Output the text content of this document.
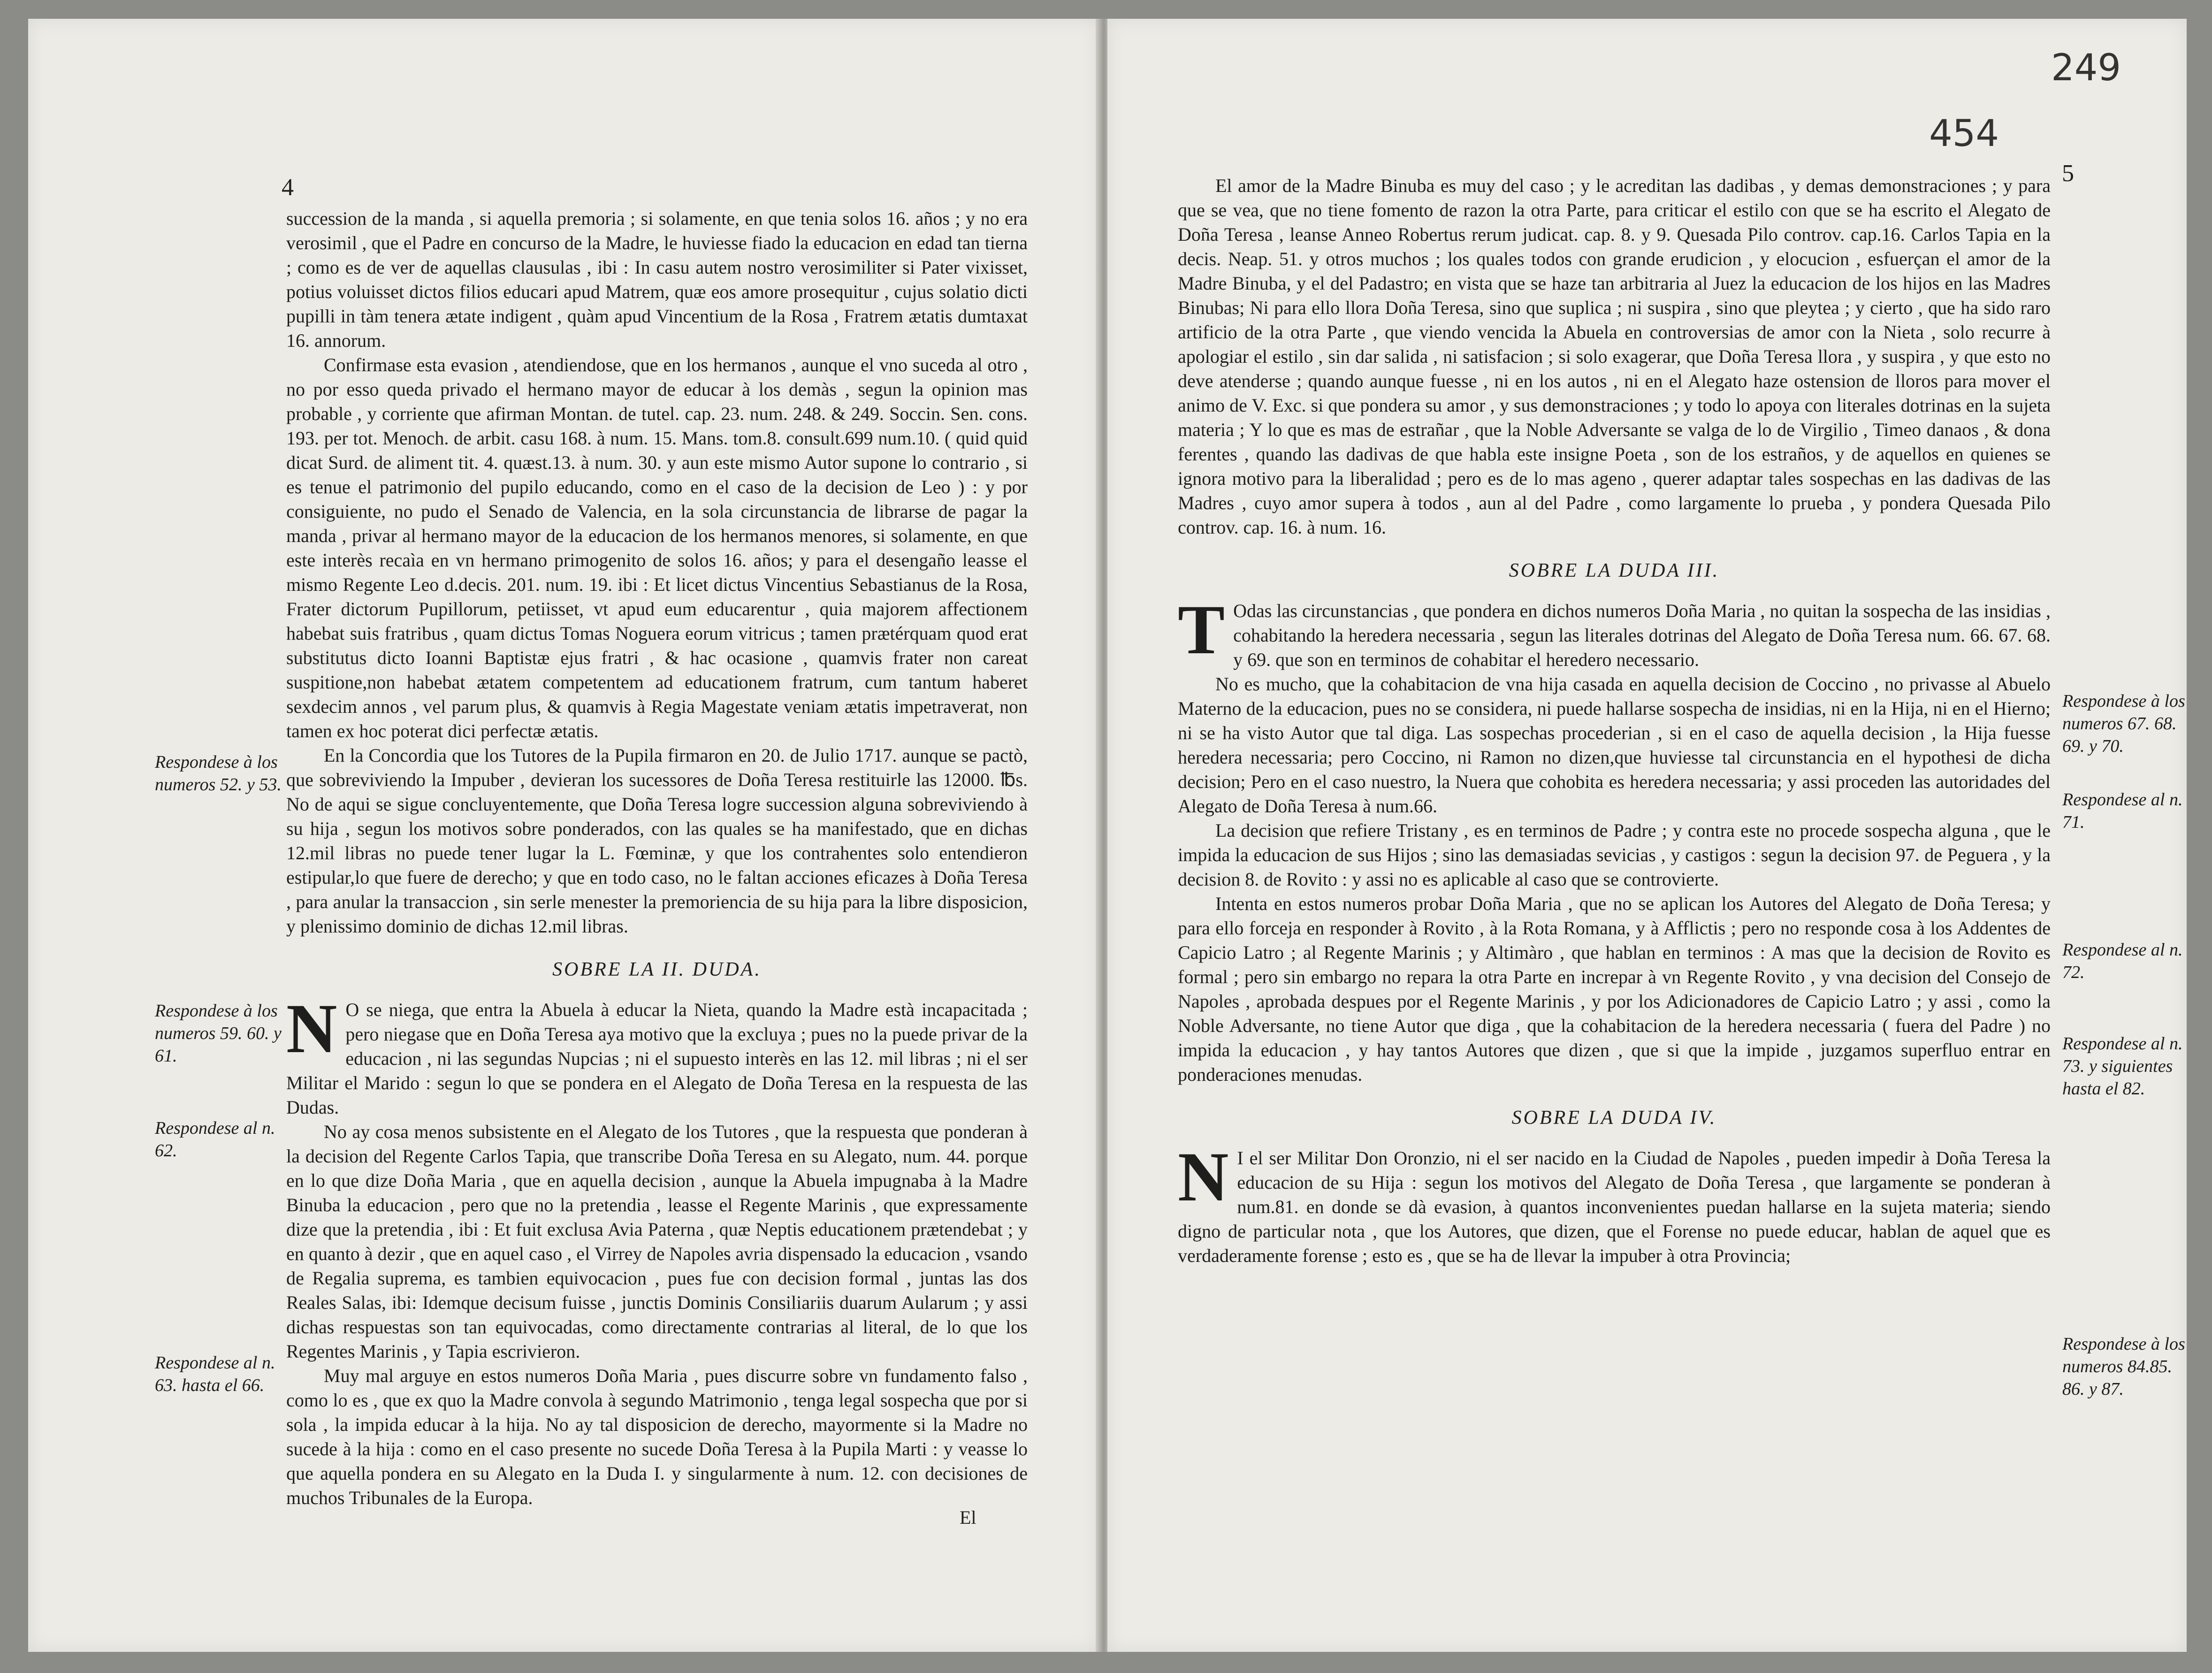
4

succession de la manda , si aquella premoria ; si solamente, en que tenia solos 16. años ; y no era verosimil , que el Padre en concurso de la Madre, le huviesse fiado la educacion en edad tan tierna ; como es de ver de aquellas clausulas , ibi : In casu autem nostro verosimiliter si Pater vixisset, potius voluisset dictos filios educari apud Matrem, quæ eos amore prosequitur , cujus solatio dicti pupilli in tàm tenera ætate indigent , quàm apud Vincentium de la Rosa , Fratrem ætatis dumtaxat 16. annorum.

Confirmase esta evasion , atendiendose, que en los hermanos , aunque el vno suceda al otro , no por esso queda privado el hermano mayor de educar à los demàs , segun la opinion mas probable , y corriente que afirman Montan. de tutel. cap. 23. num. 248. & 249. Soccin. Sen. cons. 193. per tot. Menoch. de arbit. casu 168. à num. 15. Mans. tom.8. consult.699 num.10. ( quid quid dicat Surd. de aliment tit. 4. quæst.13. à num. 30. y aun este mismo Autor supone lo contrario , si es tenue el patrimonio del pupilo educando, como en el caso de la decision de Leo ) : y por consiguiente, no pudo el Senado de Valencia, en la sola circunstancia de librarse de pagar la manda , privar al hermano mayor de la educacion de los hermanos menores, si solamente, en que este interès recaìa en vn hermano primogenito de solos 16. años; y para el desengaño leasse el mismo Regente Leo d.decis. 201. num. 19. ibi : Et licet dictus Vincentius Sebastianus de la Rosa, Frater dictorum Pupillorum, petiisset, vt apud eum educarentur , quia majorem affectionem habebat suis fratribus , quam dictus Tomas Noguera eorum vitricus ; tamen prætérquam quod erat substitutus dicto Ioanni Baptistæ ejus fratri , & hac ocasione , quamvis frater non careat suspitione,non habebat ætatem competentem ad educationem fratrum, cum tantum haberet sexdecim annos , vel parum plus, & quamvis à Regia Magestate veniam ætatis impetraverat, non tamen ex hoc poterat dici perfectæ ætatis.

En la Concordia que los Tutores de la Pupila firmaron en 20. de Julio 1717. aunque se pactò, que sobreviviendo la Impuber , devieran los sucessores de Doña Teresa restituirle las 12000. ℔s. No de aqui se sigue concluyentemente, que Doña Teresa logre succession alguna sobreviviendo à su hija , segun los motivos sobre ponderados, con las quales se ha manifestado, que en dichas 12.mil libras no puede tener lugar la L. Fœminæ, y que los contrahentes solo entendieron estipular,lo que fuere de derecho; y que en todo caso, no le faltan acciones eficazes à Doña Teresa , para anular la transaccion , sin serle menester la premoriencia de su hija para la libre disposicion, y plenissimo dominio de dichas 12.mil libras.

SOBRE LA II. DUDA.

N O se niega, que entra la Abuela à educar la Nieta, quando la Madre està incapacitada ; pero niegase que en Doña Teresa aya motivo que la excluya ; pues no la puede privar de la educacion , ni las segundas Nupcias ; ni el supuesto interès en las 12. mil libras ; ni el ser Militar el Marido : segun lo que se pondera en el Alegato de Doña Teresa en la respuesta de las Dudas.

No ay cosa menos subsistente en el Alegato de los Tutores , que la respuesta que ponderan à la decision del Regente Carlos Tapia, que transcribe Doña Teresa en su Alegato, num. 44. porque en lo que dize Doña Maria , que en aquella decision , aunque la Abuela impugnaba à la Madre Binuba la educacion , pero que no la pretendia , leasse el Regente Marinis , que expressamente dize que la pretendia , ibi : Et fuit exclusa Avia Paterna , quæ Neptis educationem prætendebat ; y en quanto à dezir , que en aquel caso , el Virrey de Napoles avria dispensado la educacion , vsando de Regalia suprema, es tambien equivocacion , pues fue con decision formal , juntas las dos Reales Salas, ibi: Idemque decisum fuisse , junctis Dominis Consiliariis duarum Aularum ; y assi dichas respuestas son tan equivocadas, como directamente contrarias al literal, de lo que los Regentes Marinis , y Tapia escrivieron.

Muy mal arguye en estos numeros Doña Maria , pues discurre sobre vn fundamento falso , como lo es , que ex quo la Madre convola à segundo Matrimonio , tenga legal sospecha que por si sola , la impida educar à la hija. No ay tal disposicion de derecho, mayormente si la Madre no sucede à la hija : como en el caso presente no sucede Doña Teresa à la Pupila Marti : y veasse lo que aquella pondera en su Alegato en la Duda I. y singularmente à num. 12. con decisiones de muchos Tribunales de la Europa.

Respondese à los numeros 52. y 53.
Respondese à los numeros 59. 60. y 61.
Respondese al n. 62.
Respondese al n. 63. hasta el 66.
El
249
454
5

El amor de la Madre Binuba es muy del caso ; y le acreditan las dadibas , y demas demonstraciones ; y para que se vea, que no tiene fomento de razon la otra Parte, para criticar el estilo con que se ha escrito el Alegato de Doña Teresa , leanse Anneo Robertus rerum judicat. cap. 8. y 9. Quesada Pilo controv. cap.16. Carlos Tapia en la decis. Neap. 51. y otros muchos ; los quales todos con grande erudicion , y elocucion , esfuerçan el amor de la Madre Binuba, y el del Padastro; en vista que se haze tan arbitraria al Juez la educacion de los hijos en las Madres Binubas; Ni para ello llora Doña Teresa, sino que suplica ; ni suspira , sino que pleytea ; y cierto , que ha sido raro artificio de la otra Parte , que viendo vencida la Abuela en controversias de amor con la Nieta , solo recurre à apologiar el estilo , sin dar salida , ni satisfacion ; si solo exagerar, que Doña Teresa llora , y suspira , y que esto no deve atenderse ; quando aunque fuesse , ni en los autos , ni en el Alegato haze ostension de lloros para mover el animo de V. Exc. si que pondera su amor , y sus demonstraciones ; y todo lo apoya con literales dotrinas en la sujeta materia ; Y lo que es mas de estrañar , que la Noble Adversante se valga de lo de Virgilio , Timeo danaos , & dona ferentes , quando las dadivas de que habla este insigne Poeta , son de los estraños, y de aquellos en quienes se ignora motivo para la liberalidad ; pero es de lo mas ageno , querer adaptar tales sospechas en las dadivas de las Madres , cuyo amor supera à todos , aun al del Padre , como largamente lo prueba , y pondera Quesada Pilo controv. cap. 16. à num. 16.

SOBRE LA DUDA III.

T Odas las circunstancias , que pondera en dichos numeros Doña Maria , no quitan la sospecha de las insidias , cohabitando la heredera necessaria , segun las literales dotrinas del Alegato de Doña Teresa num. 66. 67. 68. y 69. que son en terminos de cohabitar el heredero necessario.

No es mucho, que la cohabitacion de vna hija casada en aquella decision de Coccino , no privasse al Abuelo Materno de la educacion, pues no se considera, ni puede hallarse sospecha de insidias, ni en la Hija, ni en el Hierno; ni se ha visto Autor que tal diga. Las sospechas procederian , si en el caso de aquella decision , la Hija fuesse heredera necessaria; pero Coccino, ni Ramon no dizen,que huviesse tal circunstancia en el hypothesi de dicha decision; Pero en el caso nuestro, la Nuera que cohobita es heredera necessaria; y assi proceden las autoridades del Alegato de Doña Teresa à num.66.

La decision que refiere Tristany , es en terminos de Padre ; y contra este no procede sospecha alguna , que le impida la educacion de sus Hijos ; sino las demasiadas sevicias , y castigos : segun la decision 97. de Peguera , y la decision 8. de Rovito : y assi no es aplicable al caso que se controvierte.

Intenta en estos numeros probar Doña Maria , que no se aplican los Autores del Alegato de Doña Teresa; y para ello forceja en responder à Rovito , à la Rota Romana, y à Afflictis ; pero no responde cosa à los Addentes de Capicio Latro ; al Regente Marinis ; y Altimàro , que hablan en terminos : A mas que la decision de Rovito es formal ; pero sin embargo no repara la otra Parte en increpar à vn Regente Rovito , y vna decision del Consejo de Napoles , aprobada despues por el Regente Marinis , y por los Adicionadores de Capicio Latro ; y assi , como la Noble Adversante, no tiene Autor que diga , que la cohabitacion de la heredera necessaria ( fuera del Padre ) no impida la educacion , y hay tantos Autores que dizen , que si que la impide , juzgamos superfluo entrar en ponderaciones menudas.

SOBRE LA DUDA IV.

N I el ser Militar Don Oronzio, ni el ser nacido en la Ciudad de Napoles , pueden impedir à Doña Teresa la educacion de su Hija : segun los motivos del Alegato de Doña Teresa , que largamente se ponderan à num.81. en donde se dà evasion, à quantos inconvenientes puedan hallarse en la sujeta materia; siendo digno de particular nota , que los Autores, que dizen, que el Forense no puede educar, hablan de aquel que es verdaderamente forense ; esto es , que se ha de llevar la impuber à otra Provincia;

Respondese à los numeros 67. 68. 69. y 70.
Respondese al n. 71.
Respondese al n. 72.
Respondese al n. 73. y siguientes hasta el 82.
Respondese à los numeros 84.85. 86. y 87.
